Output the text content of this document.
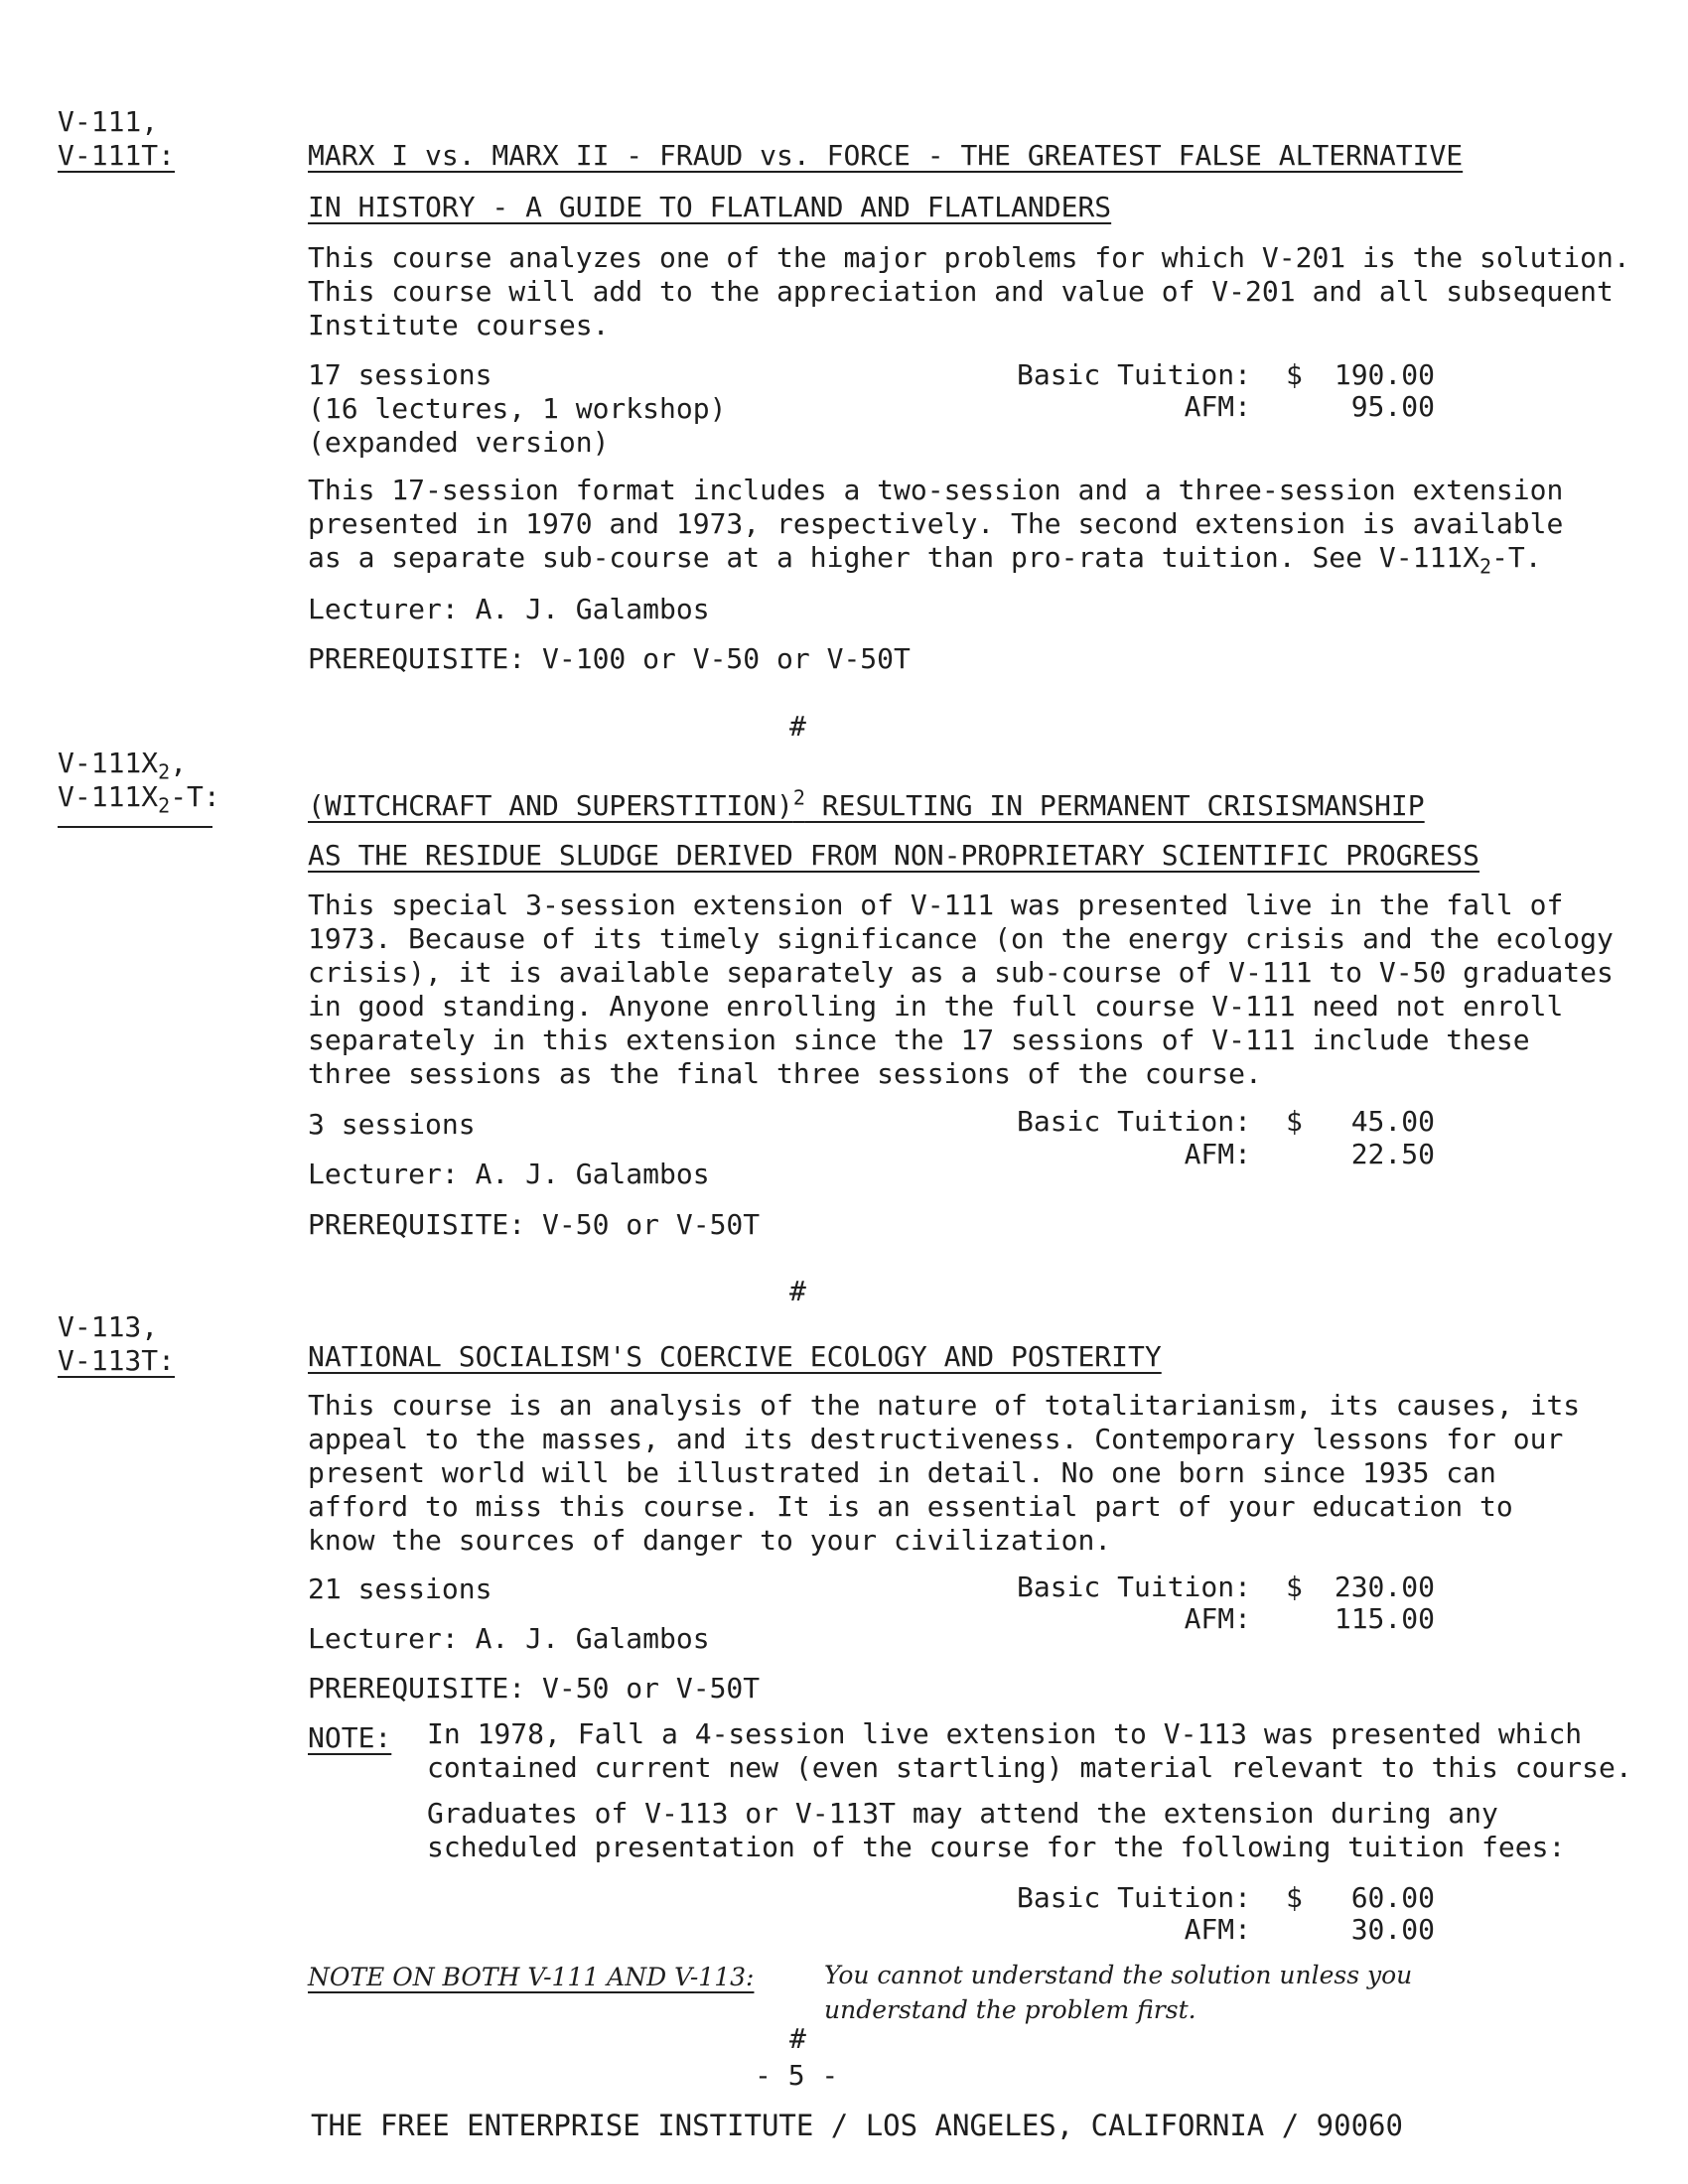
V-111,
V-111T:	MARX I vs. MARX II - FRAUD vs. FORCE - THE GREATEST FALSE ALTERNATIVE
IN HISTORY - A GUIDE TO FLATLAND AND FLATLANDERS
This course analyzes one of the major problems for which V-201 is the solution.
This course will add to the appreciation and value of V-201 and all subsequent
Institute courses.
17 sessions
(16 lectures, 1 workshop)
(expanded version)
Basic Tuition: $	190.00
AFM:	95.00
This 17-session format includes a two-session and a three-session extension
presented in 1970 and 1973, respectively. The second extension is available
as a separate sub-course at a higher than pro-rata tuition. See $V-111X_2-T$.
Lecturer: A. J. Galambos
PREREQUISITE: V-100 or V-50 or V-50T
#
$V-111X_2$,
$V-111X_2-T$:	(WITCHCRAFT AND SUPERSTITION)$^2$ RESULTING IN PERMANENT CRISISMANSHIP
AS THE RESIDUE SLUDGE DERIVED FROM NON-PROPRIETARY SCIENTIFIC PROGRESS
This special 3-session extension of V-111 was presented live in the fall of
1973. Because of its timely significance (on the energy crisis and the ecology
crisis), it is available separately as a sub-course of V-111 to V-50 graduates
in good standing. Anyone enrolling in the full course V-111 need not enroll
separately in this extension since the 17 sessions of V-111 include these
three sessions as the final three sessions of the course.
3 sessions	Basic Tuition: $	45.00
AFM:	22.50
Lecturer: A. J. Galambos
PREREQUISITE: V-50 or V-50T
#
V-113,
V-113T:	NATIONAL SOCIALISM'S COERCIVE ECOLOGY AND POSTERITY
This course is an analysis of the nature of totalitarianism, its causes, its
appeal to the masses, and its destructiveness. Contemporary lessons for our
present world will be illustrated in detail. No one born since 1935 can
afford to miss this course. It is an essential part of your education to
know the sources of danger to your civilization.
21 sessions	Basic Tuition: $	230.00
AFM:	115.00
Lecturer: A. J. Galambos
PREREQUISITE: V-50 or V-50T
NOTE: In 1978, Fall a 4-session live extension to V-113 was presented which
contained current new (even startling) material relevant to this course.
Graduates of V-113 or V-113T may attend the extension during any
scheduled presentation of the course for the following tuition fees:
Basic Tuition: $	60.00
AFM:	30.00
NOTE ON BOTH V-111 AND V-113:	You cannot understand the solution unless you
understand the problem first.
#
- 5 -
THE FREE ENTERPRISE INSTITUTE / LOS ANGELES, CALIFORNIA / 90060
